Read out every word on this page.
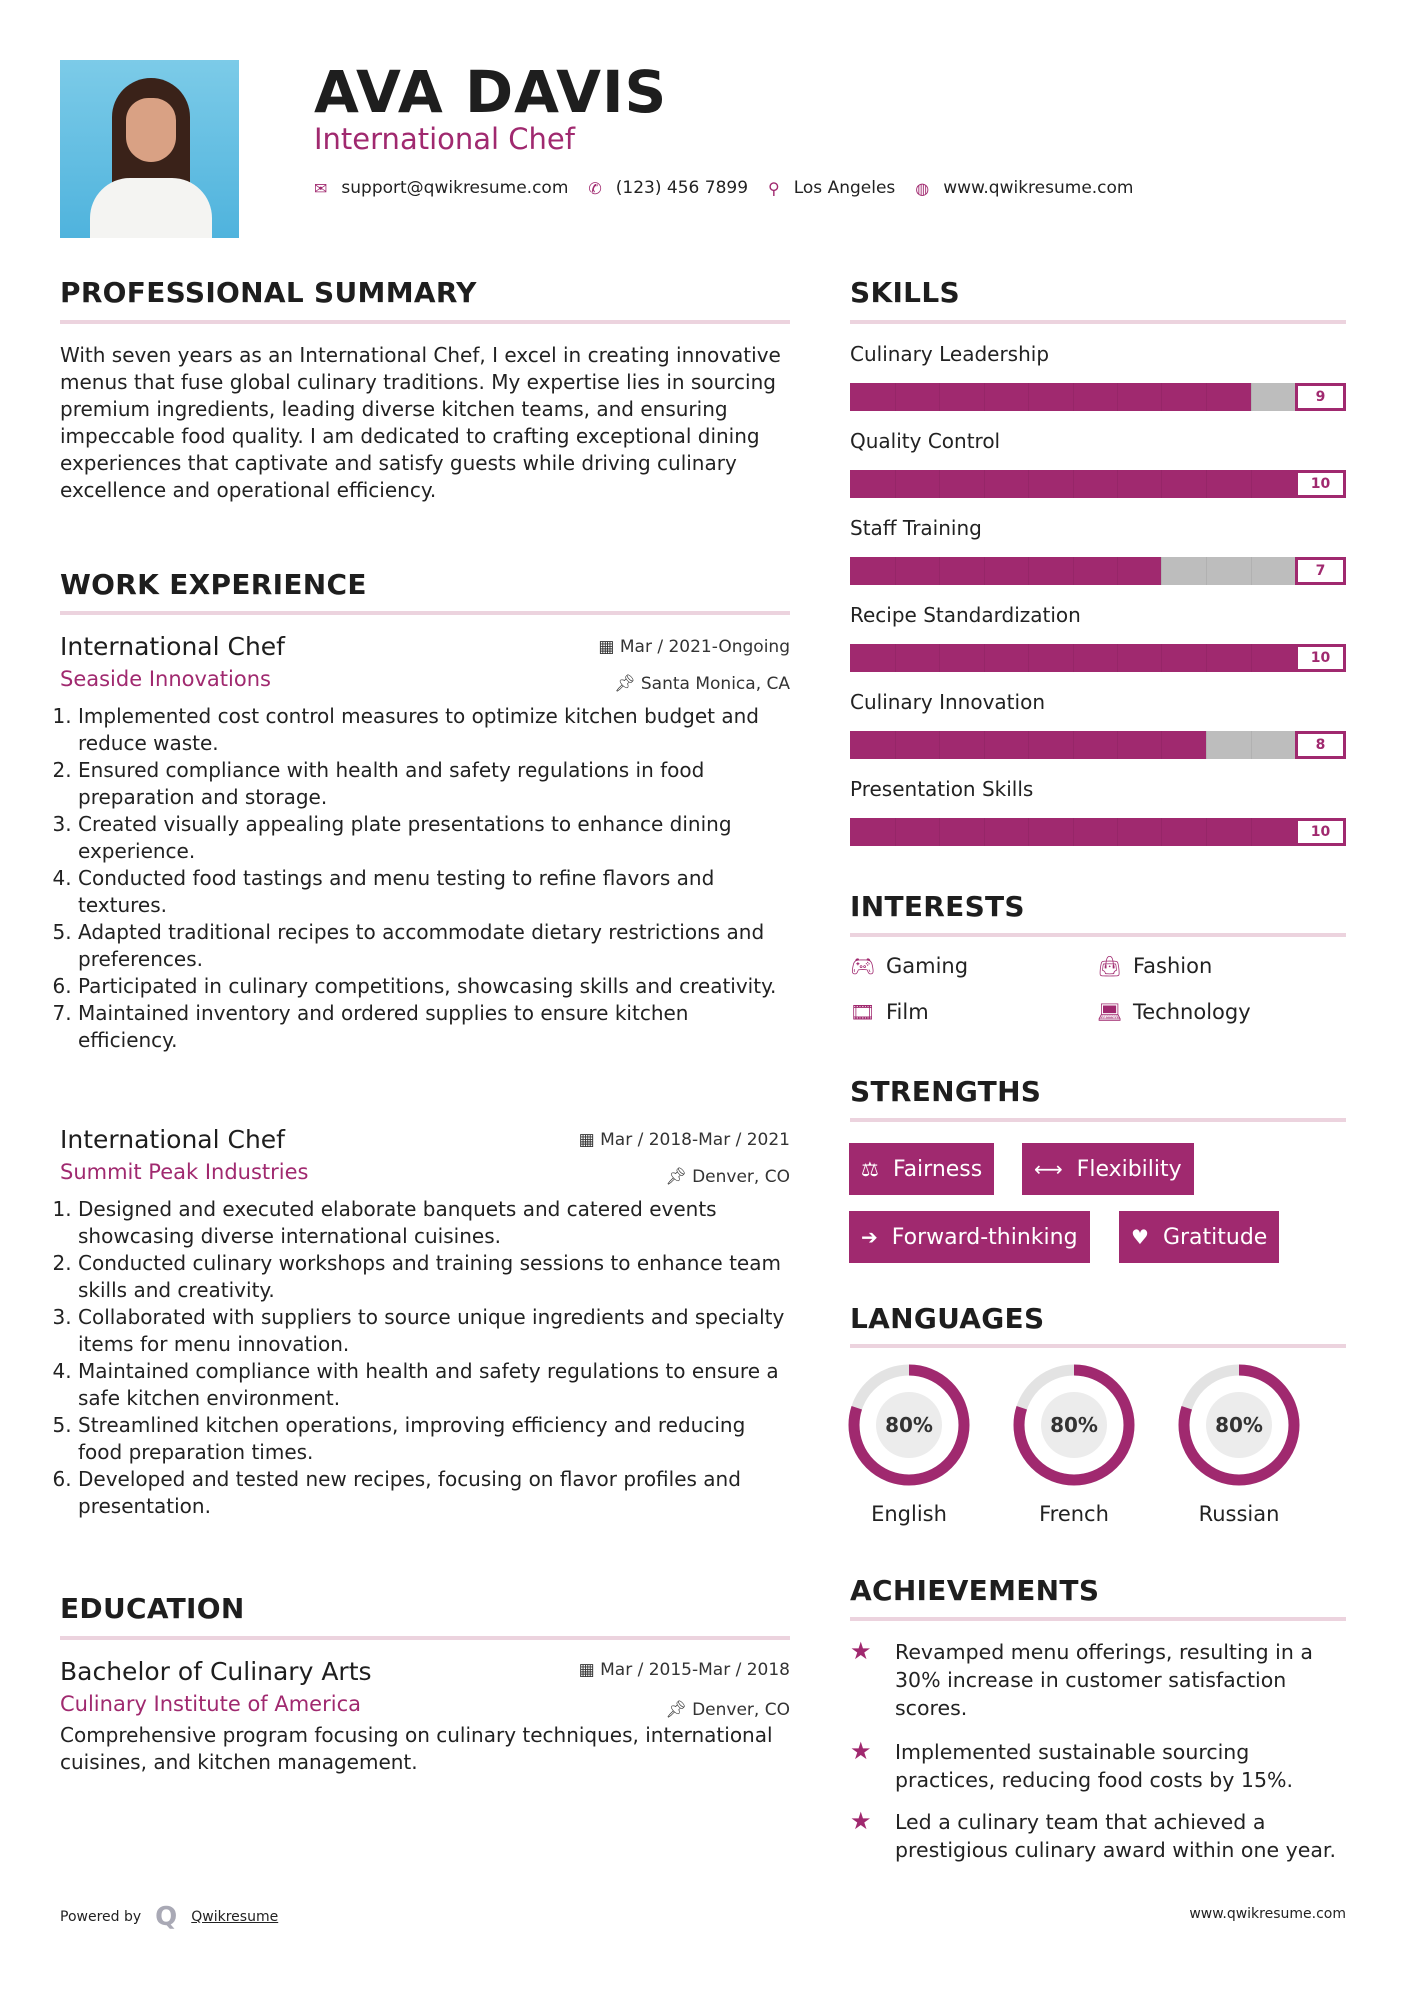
AVA DAVIS
International Chef
✉ support@qwikresume.com ✆ (123) 456 7899 ⚲ Los Angeles ◍ www.qwikresume.com
PROFESSIONAL SUMMARY
With seven years as an International Chef, I excel in creating innovative menus that fuse global culinary traditions. My expertise lies in sourcing premium ingredients, leading diverse kitchen teams, and ensuring impeccable food quality. I am dedicated to crafting exceptional dining experiences that captivate and satisfy guests while driving culinary excellence and operational efficiency.
WORK EXPERIENCE
International Chef	▦ Mar / 2021-Ongoing
Seaside Innovations	📌︎ Santa Monica, CA
1. Implemented cost control measures to optimize kitchen budget and reduce waste.
2. Ensured compliance with health and safety regulations in food preparation and storage.
3. Created visually appealing plate presentations to enhance dining experience.
4. Conducted food tastings and menu testing to refine flavors and textures.
5. Adapted traditional recipes to accommodate dietary restrictions and preferences.
6. Participated in culinary competitions, showcasing skills and creativity.
7. Maintained inventory and ordered supplies to ensure kitchen efficiency.
International Chef	▦ Mar / 2018-Mar / 2021
Summit Peak Industries	📌︎ Denver, CO
1. Designed and executed elaborate banquets and catered events showcasing diverse international cuisines.
2. Conducted culinary workshops and training sessions to enhance team skills and creativity.
3. Collaborated with suppliers to source unique ingredients and specialty items for menu innovation.
4. Maintained compliance with health and safety regulations to ensure a safe kitchen environment.
5. Streamlined kitchen operations, improving efficiency and reducing food preparation times.
6. Developed and tested new recipes, focusing on flavor profiles and presentation.
EDUCATION
Bachelor of Culinary Arts	▦ Mar / 2015-Mar / 2018
Culinary Institute of America	📌︎ Denver, CO
Comprehensive program focusing on culinary techniques, international cuisines, and kitchen management.
Powered by Q Qwikresume	www.qwikresume.com
SKILLS
Culinary Leadership
9
Quality Control
10
Staff Training
7
Recipe Standardization
10
Culinary Innovation
8
Presentation Skills
10
INTERESTS
🎮︎ Gaming	👜︎ Fashion
🎞︎ Film	💻︎ Technology
STRENGTHS
⚖ Fairness	⟷ Flexibility
➔ Forward-thinking	♥ Gratitude
LANGUAGES
80%
English
80%
French
80%
Russian
ACHIEVEMENTS
★	Revamped menu offerings, resulting in a 30% increase in customer satisfaction scores.
★	Implemented sustainable sourcing practices, reducing food costs by 15%.
★	Led a culinary team that achieved a prestigious culinary award within one year.
